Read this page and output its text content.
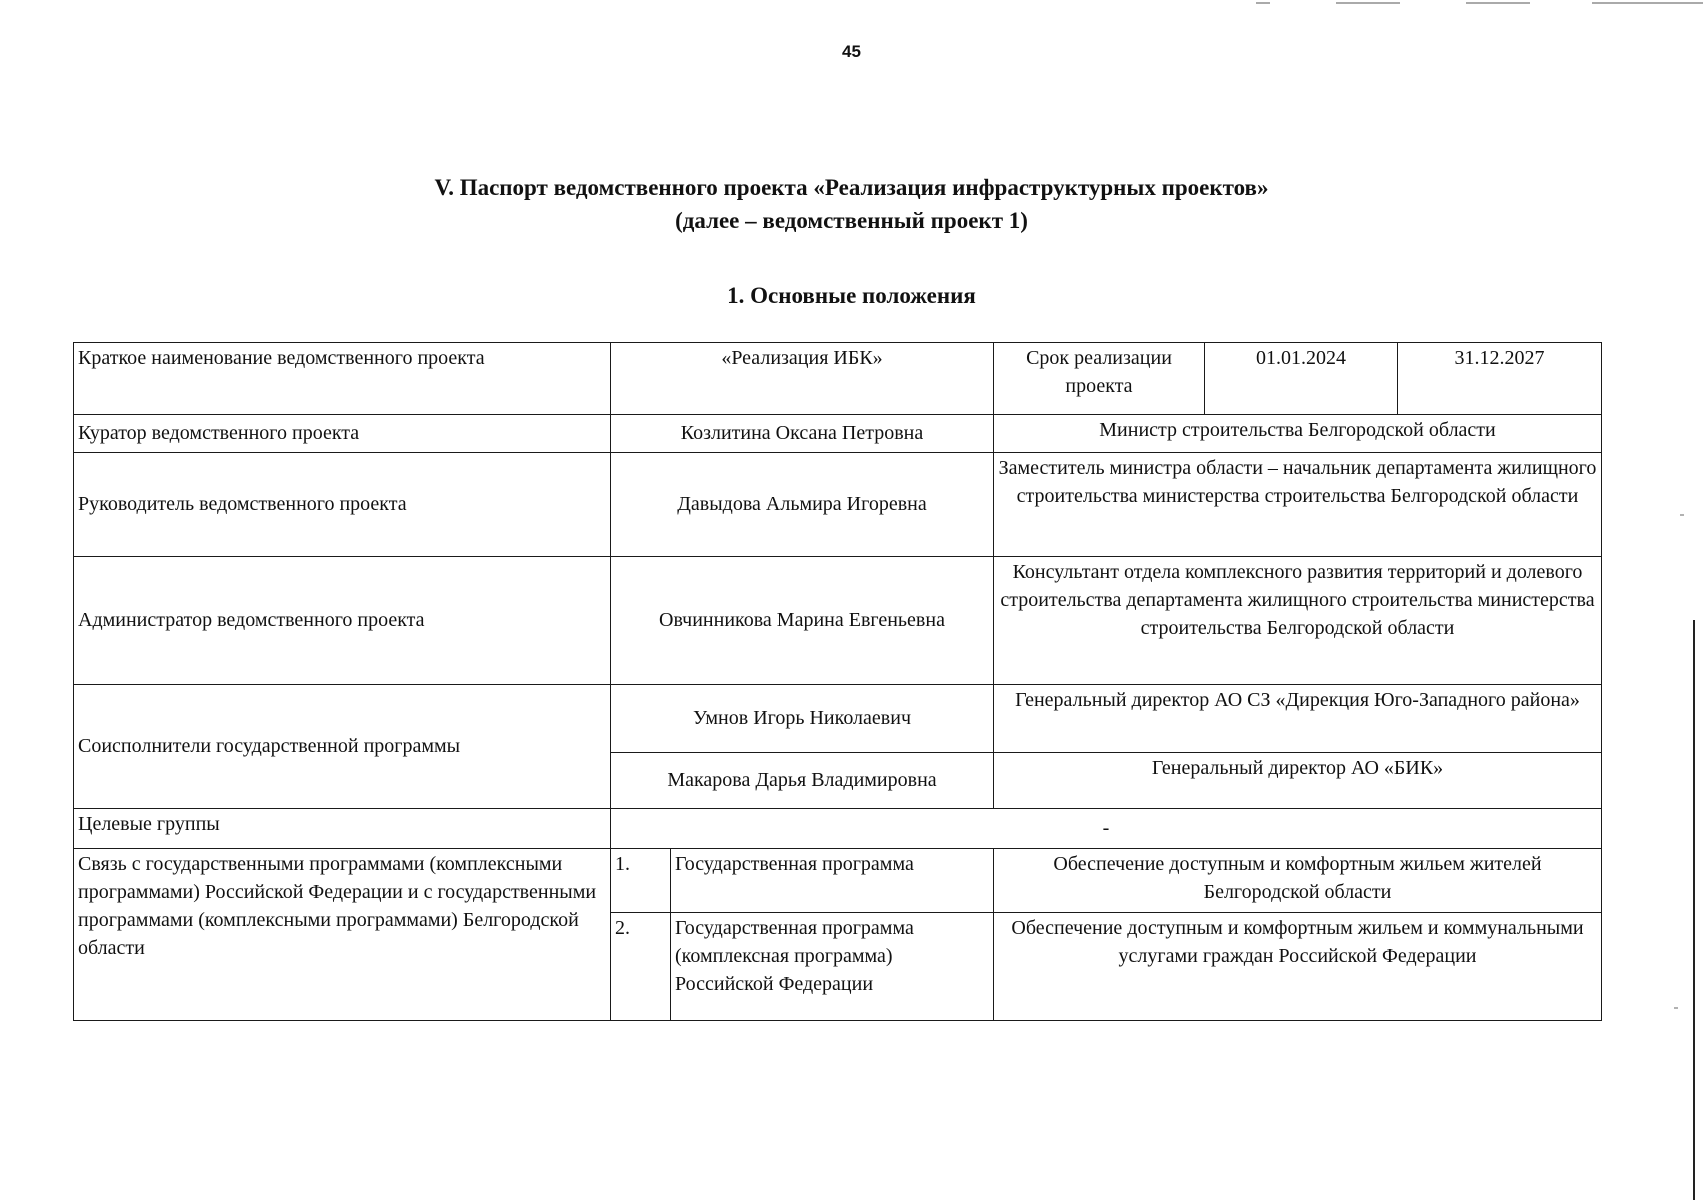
45
V. Паспорт ведомственного проекта «Реализация инфраструктурных проектов»
(далее – ведомственный проект 1)
1. Основные положения
Краткое наименование ведомственного проекта	«Реализация ИБК»		Срок реализации проекта	01.01.2024	31.12.2027
Куратор ведомственного проекта	Козлитина Оксана Петровна		Министр строительства Белгородской области		
Руководитель ведомственного проекта	Давыдова Альмира Игоревна		Заместитель министра области – начальник департамента жилищного строительства министерства строительства Белгородской области		
Администратор ведомственного проекта	Овчинникова Марина Евгеньевна		Консультант отдела комплексного развития территорий и долевого строительства департамента жилищного строительства министерства строительства Белгородской области		
Соисполнители государственной программы	Умнов Игорь Николаевич		Генеральный директор АО СЗ «Дирекция Юго-Западного района»		
	Макарова Дарья Владимировна		Генеральный директор АО «БИК»		
Целевые группы	-				
Связь с государственными программами (комплексными программами) Российской Федерации и с государственными программами (комплексными программами) Белгородской области	1.	Государственная программа	Обеспечение доступным и комфортным жильем жителей Белгородской области		
	2.	Государственная программа (комплексная программа) Российской Федерации	Обеспечение доступным и комфортным жильем и коммунальными услугами граждан Российской Федерации		
